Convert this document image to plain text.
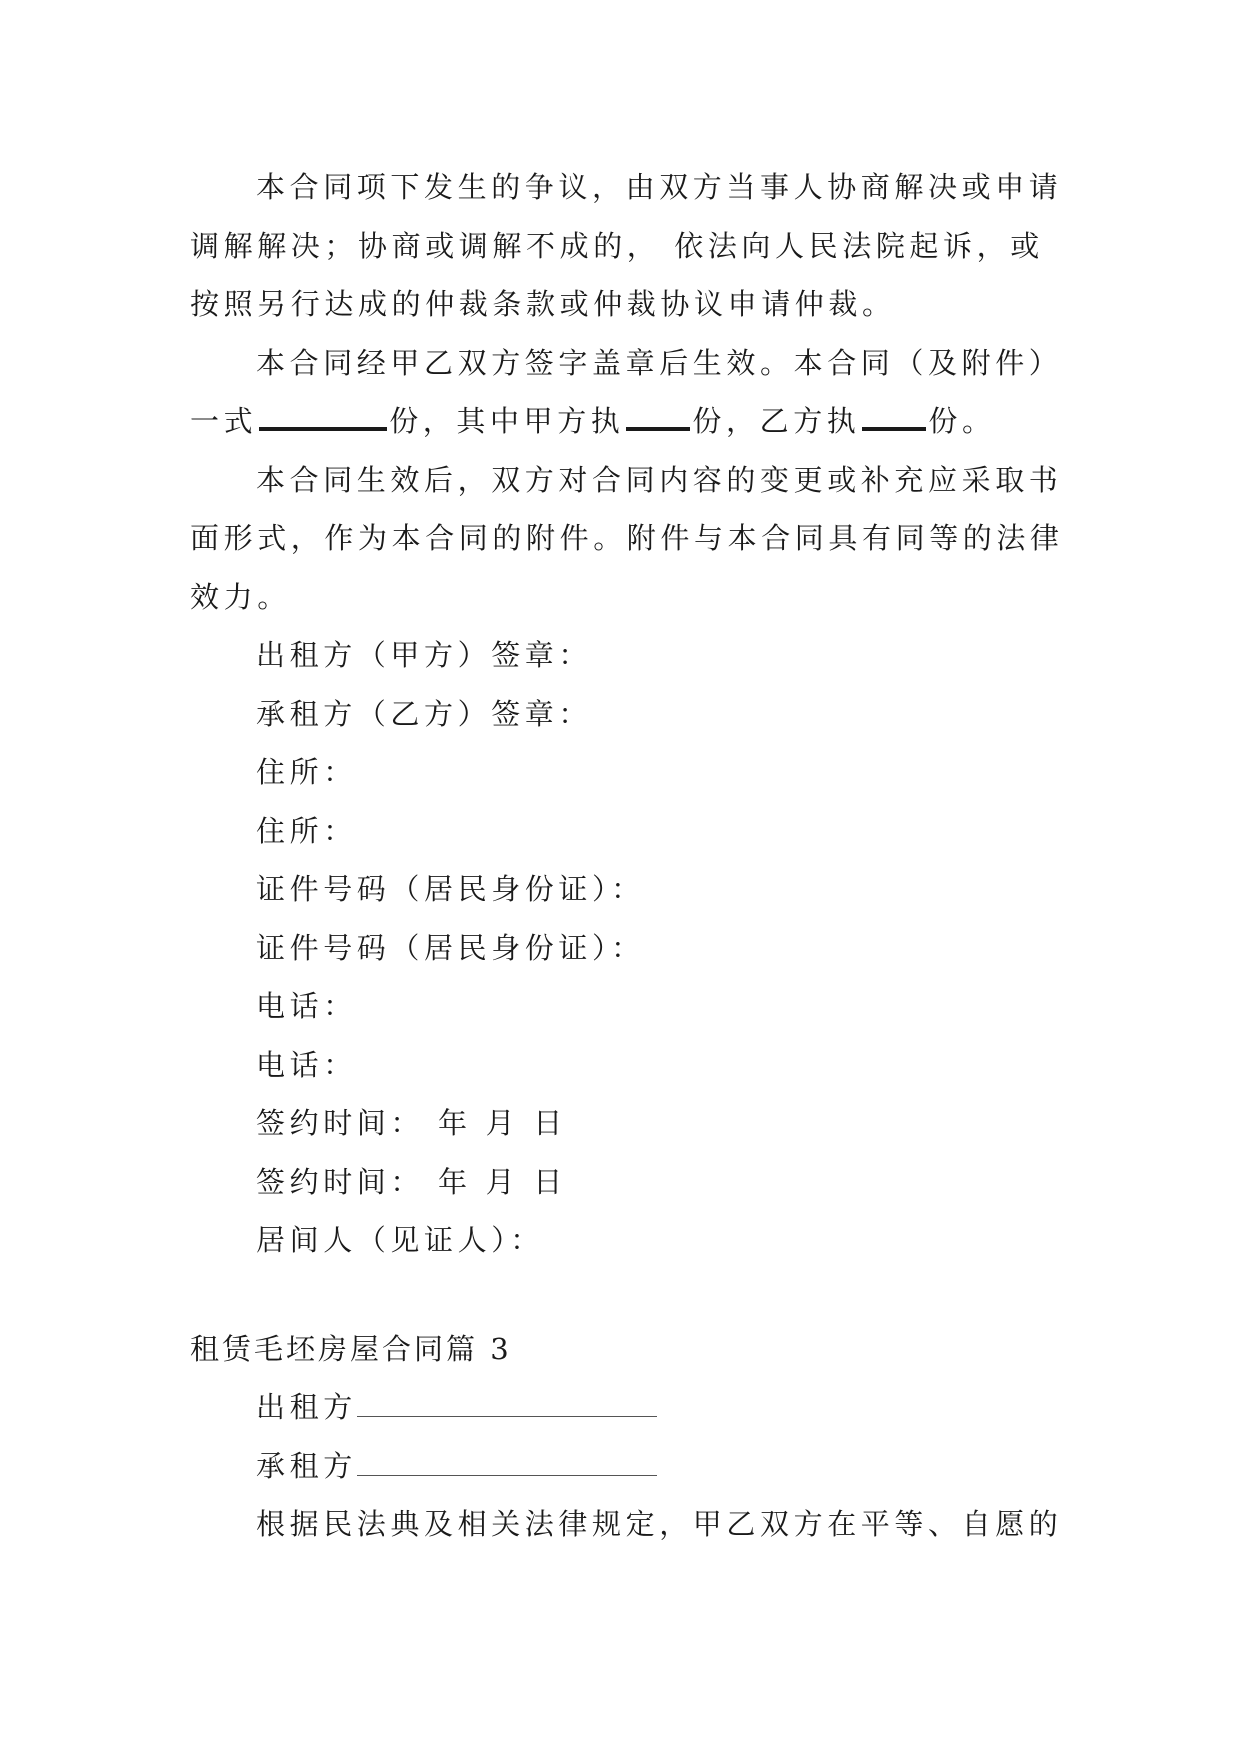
本合同项下发生的争议，由双方当事人协商解决或申请
调解解决；协商或调解不成的， 依法向人民法院起诉，或
按照另行达成的仲裁条款或仲裁协议申请仲裁。
本合同经甲乙双方签字盖章后生效。本合同（及附件）
一式	份，其中甲方执 份，乙方执 份。
本合同生效后，双方对合同内容的变更或补充应采取书
面形式，作为本合同的附件。附件与本合同具有同等的法律
效力。
出租方（甲方）签章：
承租方（乙方）签章：
住所：
住所：
证件号码（居民身份证）：
证件号码（居民身份证）：
电话：
电话：
签约时间： 年 月 日
签约时间： 年 月 日
居间人（见证人）：
租赁毛坯房屋合同篇 3
出租方
承租方
根据民法典及相关法律规定，甲乙双方在平等、自愿的
